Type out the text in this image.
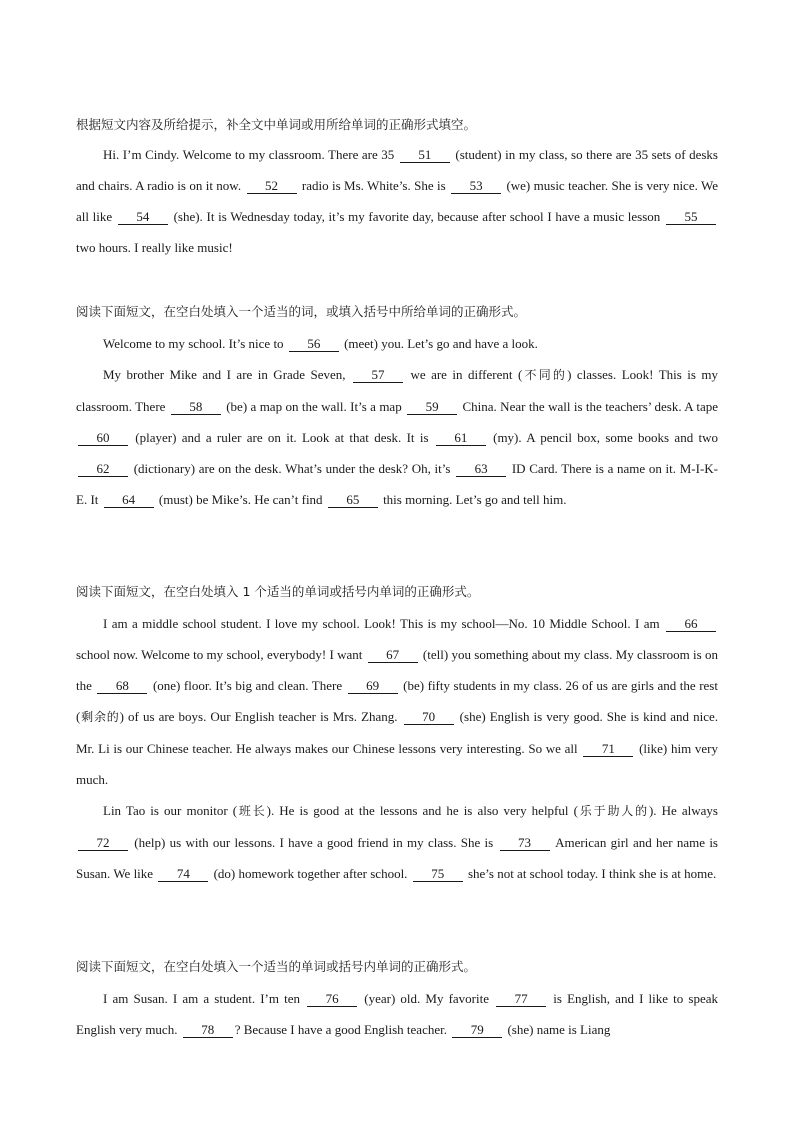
根据短文内容及所给提示，补全文中单词或用所给单词的正确形式填空。

Hi. I’m Cindy. Welcome to my classroom. There are 35 51 (student) in my class, so there are 35 sets of desks and chairs. A radio is on it now. 52 radio is Ms. White’s. She is 53 (we) music teacher. She is very nice. We all like 54 (she). It is Wednesday today, it’s my favorite day, because after school I have a music lesson 55two hours. I really like music!

阅读下面短文，在空白处填入一个适当的词，或填入括号中所给单词的正确形式。

Welcome to my school. It’s nice to 56 (meet) you. Let’s go and have a look.

My brother Mike and I are in Grade Seven, 57 we are in different (不同的) classes. Look! This is my classroom. There 58 (be) a map on the wall. It’s a map 59 China. Near the wall is the teachers’ desk. A tape 60 (player) and a ruler are on it. Look at that desk. It is 61 (my). A pencil box, some books and two 62 (dictionary) are on the desk. What’s under the desk? Oh, it’s 63 ID Card. There is a name on it. M-I-K-E. It 64 (must) be Mike’s. He can’t find 65 this morning. Let’s go and tell him.

阅读下面短文，在空白处填入 1 个适当的单词或括号内单词的正确形式。

I am a middle school student. I love my school. Look! This is my school—No. 10 Middle School. I am 66 school now. Welcome to my school, everybody! I want 67 (tell) you something about my class. My classroom is on the 68 (one) floor. It’s big and clean. There 69 (be) fifty students in my class. 26 of us are girls and the rest (剩余的) of us are boys. Our English teacher is Mrs. Zhang. 70 (she) English is very good. She is kind and nice. Mr. Li is our Chinese teacher. He always makes our Chinese lessons very interesting. So we all 71 (like) him very much.

Lin Tao is our monitor (班长). He is good at the lessons and he is also very helpful (乐于助人的). He always 72 (help) us with our lessons. I have a good friend in my class. She is 73 American girl and her name is Susan. We like 74 (do) homework together after school. 75 she’s not at school today. I think she is at home.

阅读下面短文，在空白处填入一个适当的单词或括号内单词的正确形式。

I am Susan. I am a student. I’m ten 76 (year) old. My favorite 77 is English, and I like to speak English very much. 78 ? Because I have a good English teacher. 79 (she) name is Liang
